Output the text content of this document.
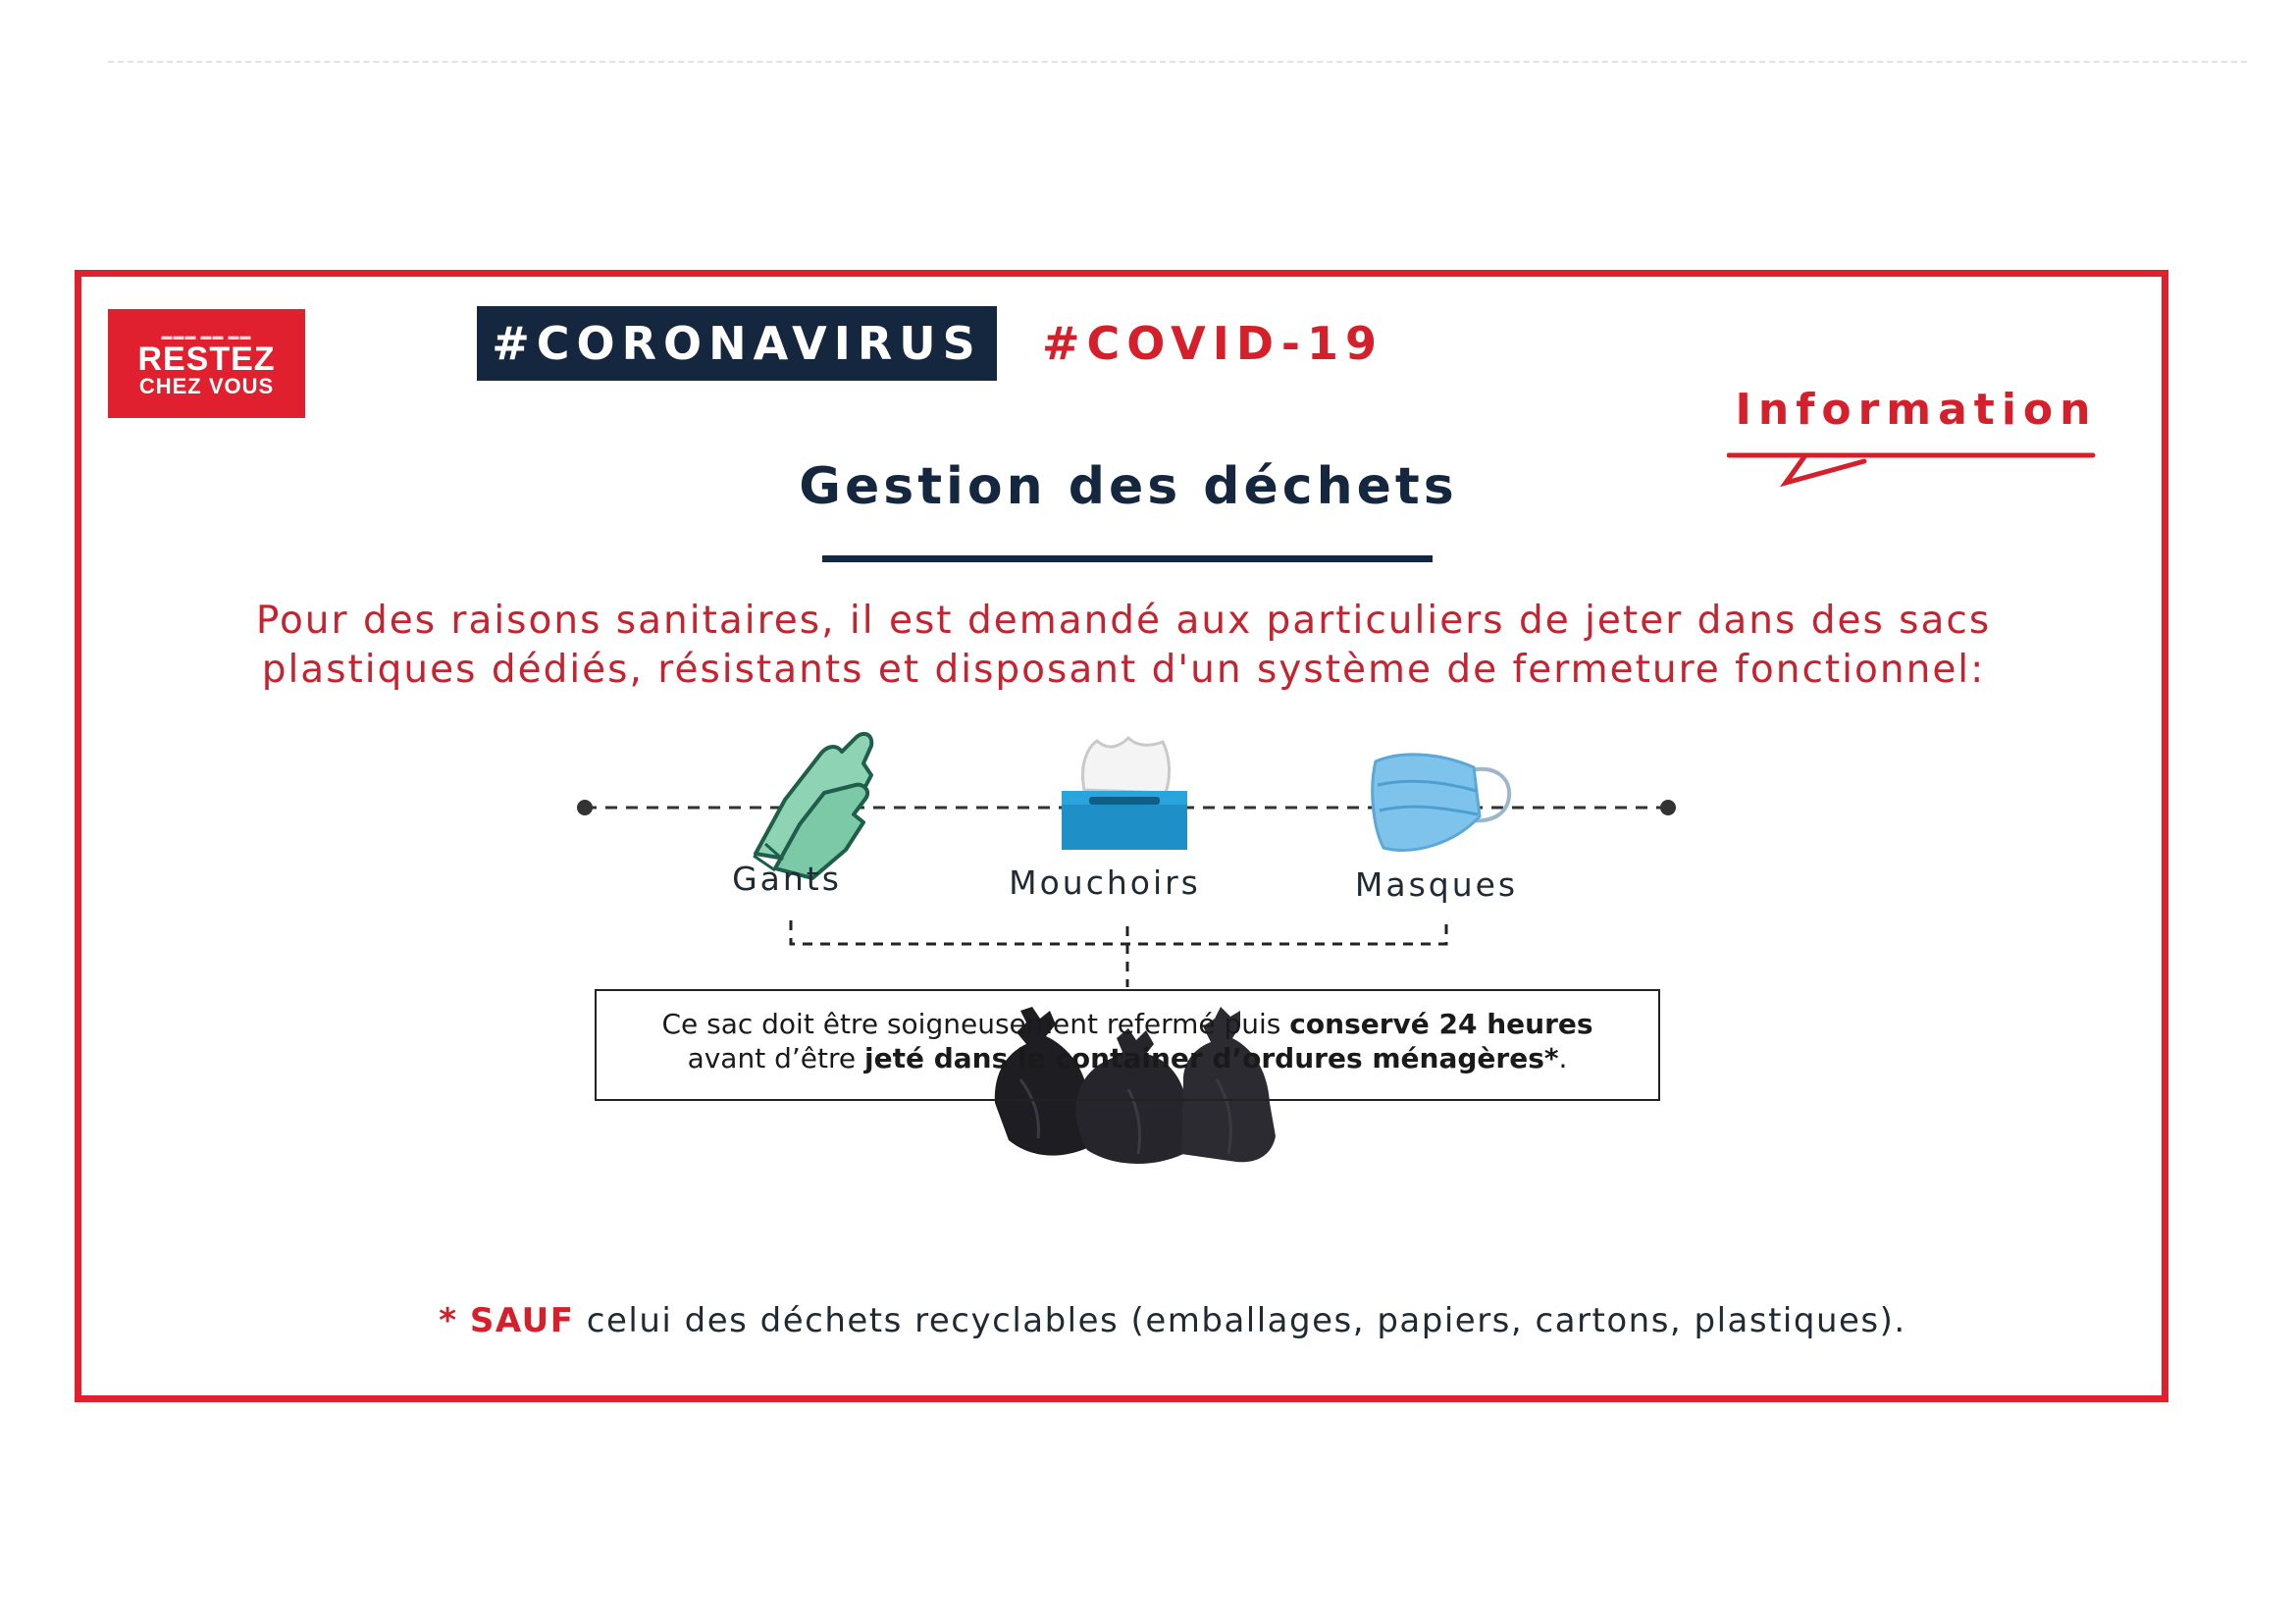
▬▬▬ ▬▬ ▬▬
RESTEZ
CHEZ VOUS
#CORONAVIRUS	#COVID-19
Information
Gestion des déchets
Pour des raisons sanitaires, il est demandé aux particuliers de jeter dans des sacs
plastiques dédiés, résistants et disposant d'un système de fermeture fonctionnel:
Gants	Mouchoirs	Masques
Ce sac doit être soigneusement refermé puis conservé 24 heures
avant d’être jeté dans le container d’ordures ménagères*.
* SAUF celui des déchets recyclables (emballages, papiers, cartons, plastiques).
